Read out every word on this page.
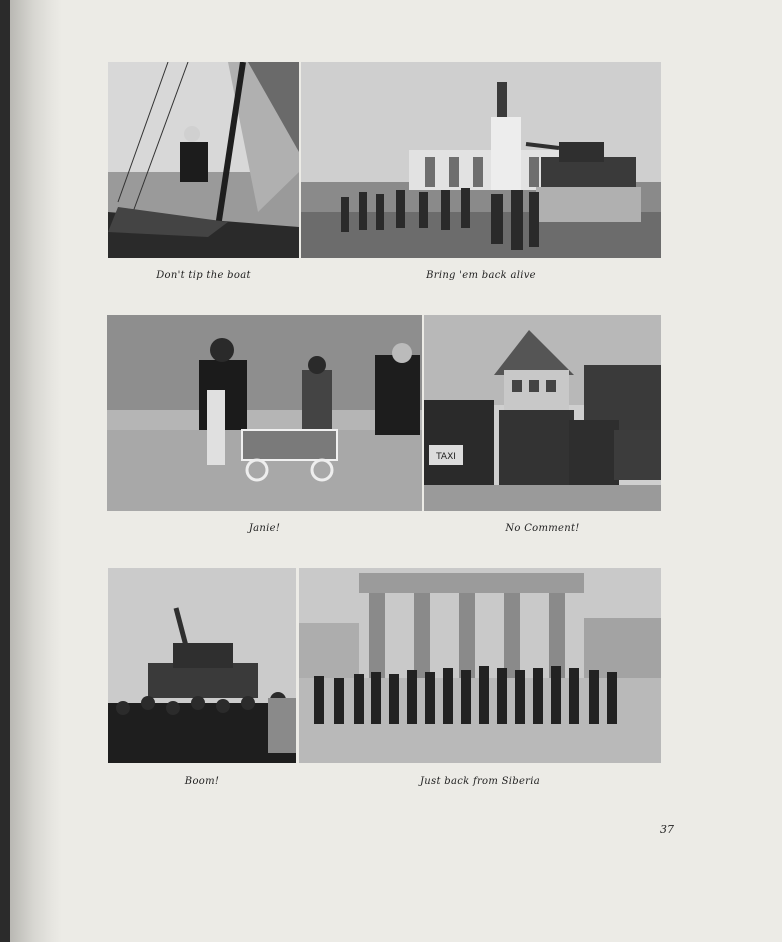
Don't tip the boat	Bring 'em back alive
TAXI
Janie!	No Comment!
Boom!	Just back from Siberia
37
